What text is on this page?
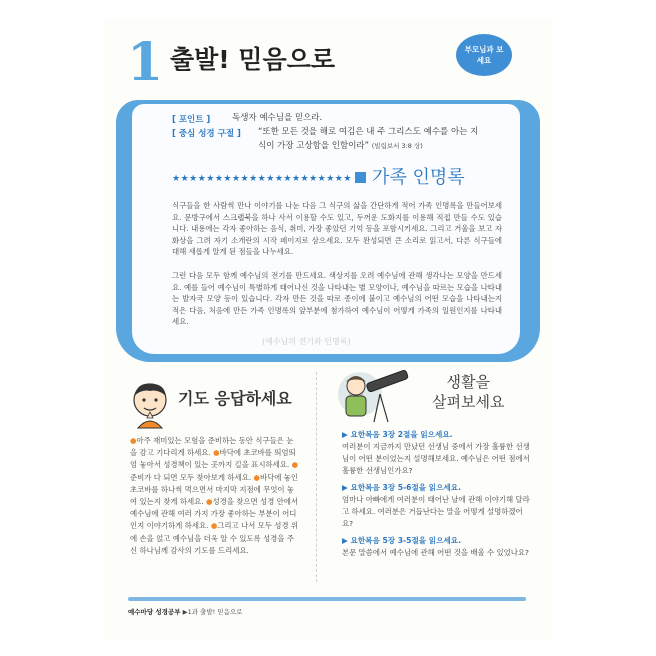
1 출발! 믿음으로	부모님과 보세요
[ 포인트 ]	독생자 예수님을 믿으라.
[ 중심 성경 구절 ] “또한 모든 것을 해로 여김은 내 주 그리스도 예수를 아는 지
식이 가장 고상함을 인함이라” (빌립보서 3:8 상)
★★★★★★★★★★★★★★★★★★★★★ 가족 인명록
식구들을 한 사람씩 만나 이야기를 나눈 다음 그 식구의 삶을 간단하게 적어 가족 인명록을 만들어보세요. 문방구에서 스크랩북을 하나 사서 이용할 수도 있고, 두꺼운 도화지를 이용해 직접 만들 수도 있습니다. 내용에는 각자 좋아하는 음식, 취미, 가장 좋았던 기억 등을 포함시키세요. 그리고 거울을 보고 자화상을 그려 자기 소개란의 시작 페이지로 삼으세요. 모두 완성되면 큰 소리로 읽고서, 다른 식구들에 대해 새롭게 알게 된 점들을 나누세요.
그런 다음 모두 함께 예수님의 전기를 만드세요. 색상지를 오려 예수님에 관해 생각나는 모양을 만드세요. 예를 들어 예수님이 특별하게 태어나신 것을 나타내는 별 모양이나, 예수님을 따르는 모습을 나타내는 발자국 모양 등이 있습니다. 각자 만든 것을 따로 종이에 붙이고 예수님의 어떤 모습을 나타내는지 적은 다음, 처음에 만든 가족 인명록의 앞부분에 첨가하여 예수님이 어떻게 가족의 일원인지를 나타내세요.
(예수님의 전기와 인명록)
기도 응답하세요
●아주 재미있는 모험을 준비하는 동안 식구들은 눈을 감고 기다리게 하세요. ●바닥에 초코바를 띄엄띄엄 놓아서 성경책이 있는 곳까지 길을 표시하세요. ●준비가 다 되면 모두 찾아보게 하세요. ●바닥에 놓인 초코바를 하나씩 먹으면서 마지막 지점에 무엇이 놓여 있는지 찾게 하세요. ●성경을 찾으면 성경 안에서 예수님에 관해 여러 가지 가장 좋아하는 부분이 어디인지 이야기하게 하세요. ●그리고 나서 모두 성경 위에 손을 얹고 예수님을 더욱 알 수 있도록 성경을 주신 하나님께 감사의 기도를 드리세요.
생활을
살펴보세요
▶ 요한복음 3장 2절을 읽으세요.
여러분이 지금까지 만났던 선생님 중에서 가장 훌륭한 선생님이 어떤 분이었는지 설명해보세요. 예수님은 어떤 점에서 훌륭한 선생님인가요?
▶ 요한복음 3장 5-6절을 읽으세요.
엄마나 아빠에게 여러분이 태어난 날에 관해 이야기해 달라고 하세요. 여러분은 거듭난다는 말을 어떻게 설명하겠어요?
▶ 요한복음 5장 3-5절을 읽으세요.
본문 말씀에서 예수님에 관해 어떤 것을 배울 수 있었나요?
예수마당 성경공부 ▶1과 출발! 믿음으로
